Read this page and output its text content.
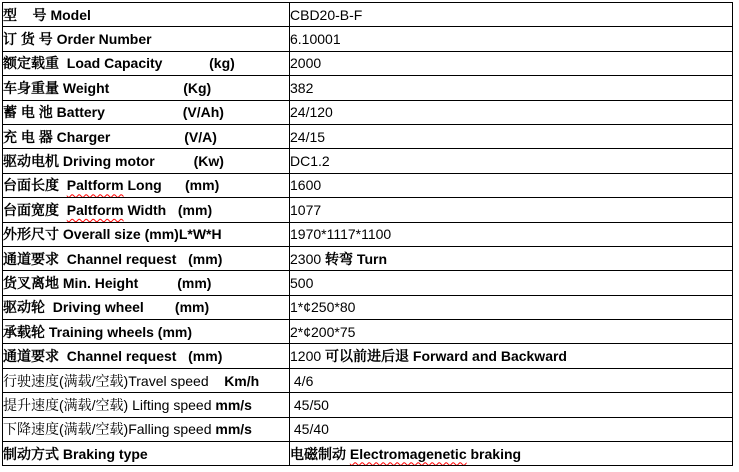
型    号 Model	CBD20-B-F
订 货 号 Order Number	6.10001
额定载重  Load Capacity            (kg)	2000
车身重量 Weight                   (Kg)	382
蓄 电 池 Battery                    (V/Ah)	24/120
充 电 器 Charger                   (V/A)	24/15
驱动电机 Driving motor          (Kw)	DC1.2
台面长度  Paltform Long      (mm)	1600
台面宽度  Paltform Width   (mm)	1077
外形尺寸 Overall size (mm)L*W*H	1970*1117*1100
通道要求  Channel request   (mm)	2300 转弯 Turn
货叉离地 Min. Height          (mm)	500
驱动轮  Driving wheel        (mm)	1*¢250*80
承载轮 Training wheels (mm)	2*¢200*75
通道要求  Channel request   (mm)	1200 可以前进后退 Forward and Backward
行驶速度(满载/空载)Travel speed    Km/h	4/6
提升速度(满载/空载) Lifting speed mm/s	45/50
下降速度(满载/空载)Falling speed mm/s	45/40
制动方式 Braking type	电磁制动 Electromagenetic braking
